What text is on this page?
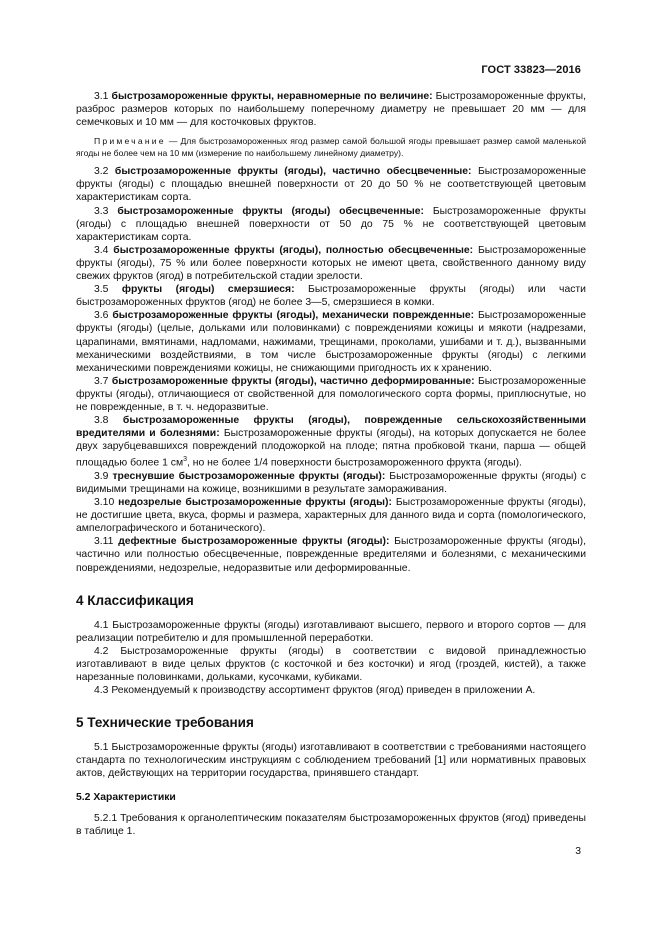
ГОСТ 33823—2016

3.1 быстрозамороженные фрукты, неравномерные по величине: Быстрозамороженные фрукты, разброс размеров которых по наибольшему поперечному диаметру не превышает 20 мм — для семечковых и 10 мм — для косточковых фруктов.

Примечание — Для быстрозамороженных ягод размер самой большой ягоды превышает размер самой маленькой ягоды не более чем на 10 мм (измерение по наибольшему линейному диаметру).

3.2 быстрозамороженные фрукты (ягоды), частично обесцвеченные: Быстрозамороженные фрукты (ягоды) с площадью внешней поверхности от 20 до 50 % не соответствующей цветовым характеристикам сорта.

3.3 быстрозамороженные фрукты (ягоды) обесцвеченные: Быстрозамороженные фрукты (ягоды) с площадью внешней поверхности от 50 до 75 % не соответствующей цветовым характеристикам сорта.

3.4 быстрозамороженные фрукты (ягоды), полностью обесцвеченные: Быстрозамороженные фрукты (ягоды), 75 % или более поверхности которых не имеют цвета, свойственного данному виду свежих фруктов (ягод) в потребительской стадии зрелости.

3.5 фрукты (ягоды) смерзшиеся: Быстрозамороженные фрукты (ягоды) или части быстрозамороженных фруктов (ягод) не более 3—5, смерзшиеся в комки.

3.6 быстрозамороженные фрукты (ягоды), механически поврежденные: Быстрозамороженные фрукты (ягоды) (целые, дольками или половинками) с повреждениями кожицы и мякоти (надрезами, царапинами, вмятинами, надломами, нажимами, трещинами, проколами, ушибами и т. д.), вызванными механическими воздействиями, в том числе быстрозамороженные фрукты (ягоды) с легкими механическими повреждениями кожицы, не снижающими пригодность их к хранению.

3.7 быстрозамороженные фрукты (ягоды), частично деформированные: Быстрозамороженные фрукты (ягоды), отличающиеся от свойственной для помологического сорта формы, приплюснутые, но не поврежденные, в т. ч. недоразвитые.

3.8 быстрозамороженные фрукты (ягоды), поврежденные сельскохозяйственными вредителями и болезнями: Быстрозамороженные фрукты (ягоды), на которых допускается не более двух зарубцевавшихся повреждений плодожоркой на плоде; пятна пробковой ткани, парша — общей площадью более 1 $см^3$, но не более 1/4 поверхности быстрозамороженного фрукта (ягоды).

3.9 треснувшие быстрозамороженные фрукты (ягоды): Быстрозамороженные фрукты (ягоды) с видимыми трещинами на кожице, возникшими в результате замораживания.

3.10 недозрелые быстрозамороженные фрукты (ягоды): Быстрозамороженные фрукты (ягоды), не достигшие цвета, вкуса, формы и размера, характерных для данного вида и сорта (помологического, ампелографического и ботанического).

3.11 дефектные быстрозамороженные фрукты (ягоды): Быстрозамороженные фрукты (ягоды), частично или полностью обесцвеченные, поврежденные вредителями и болезнями, с механическими повреждениями, недозрелые, недоразвитые или деформированные.

4 Классификация

4.1 Быстрозамороженные фрукты (ягоды) изготавливают высшего, первого и второго сортов — для реализации потребителю и для промышленной переработки.

4.2 Быстрозамороженные фрукты (ягоды) в соответствии с видовой принадлежностью изготавливают в виде целых фруктов (с косточкой и без косточки) и ягод (гроздей, кистей), а также нарезанные половинками, дольками, кусочками, кубиками.

4.3 Рекомендуемый к производству ассортимент фруктов (ягод) приведен в приложении А.

5 Технические требования

5.1 Быстрозамороженные фрукты (ягоды) изготавливают в соответствии с требованиями настоящего стандарта по технологическим инструкциям с соблюдением требований [1] или нормативных правовых актов, действующих на территории государства, принявшего стандарт.

5.2 Характеристики

5.2.1 Требования к органолептическим показателям быстрозамороженных фруктов (ягод) приведены в таблице 1.

3
